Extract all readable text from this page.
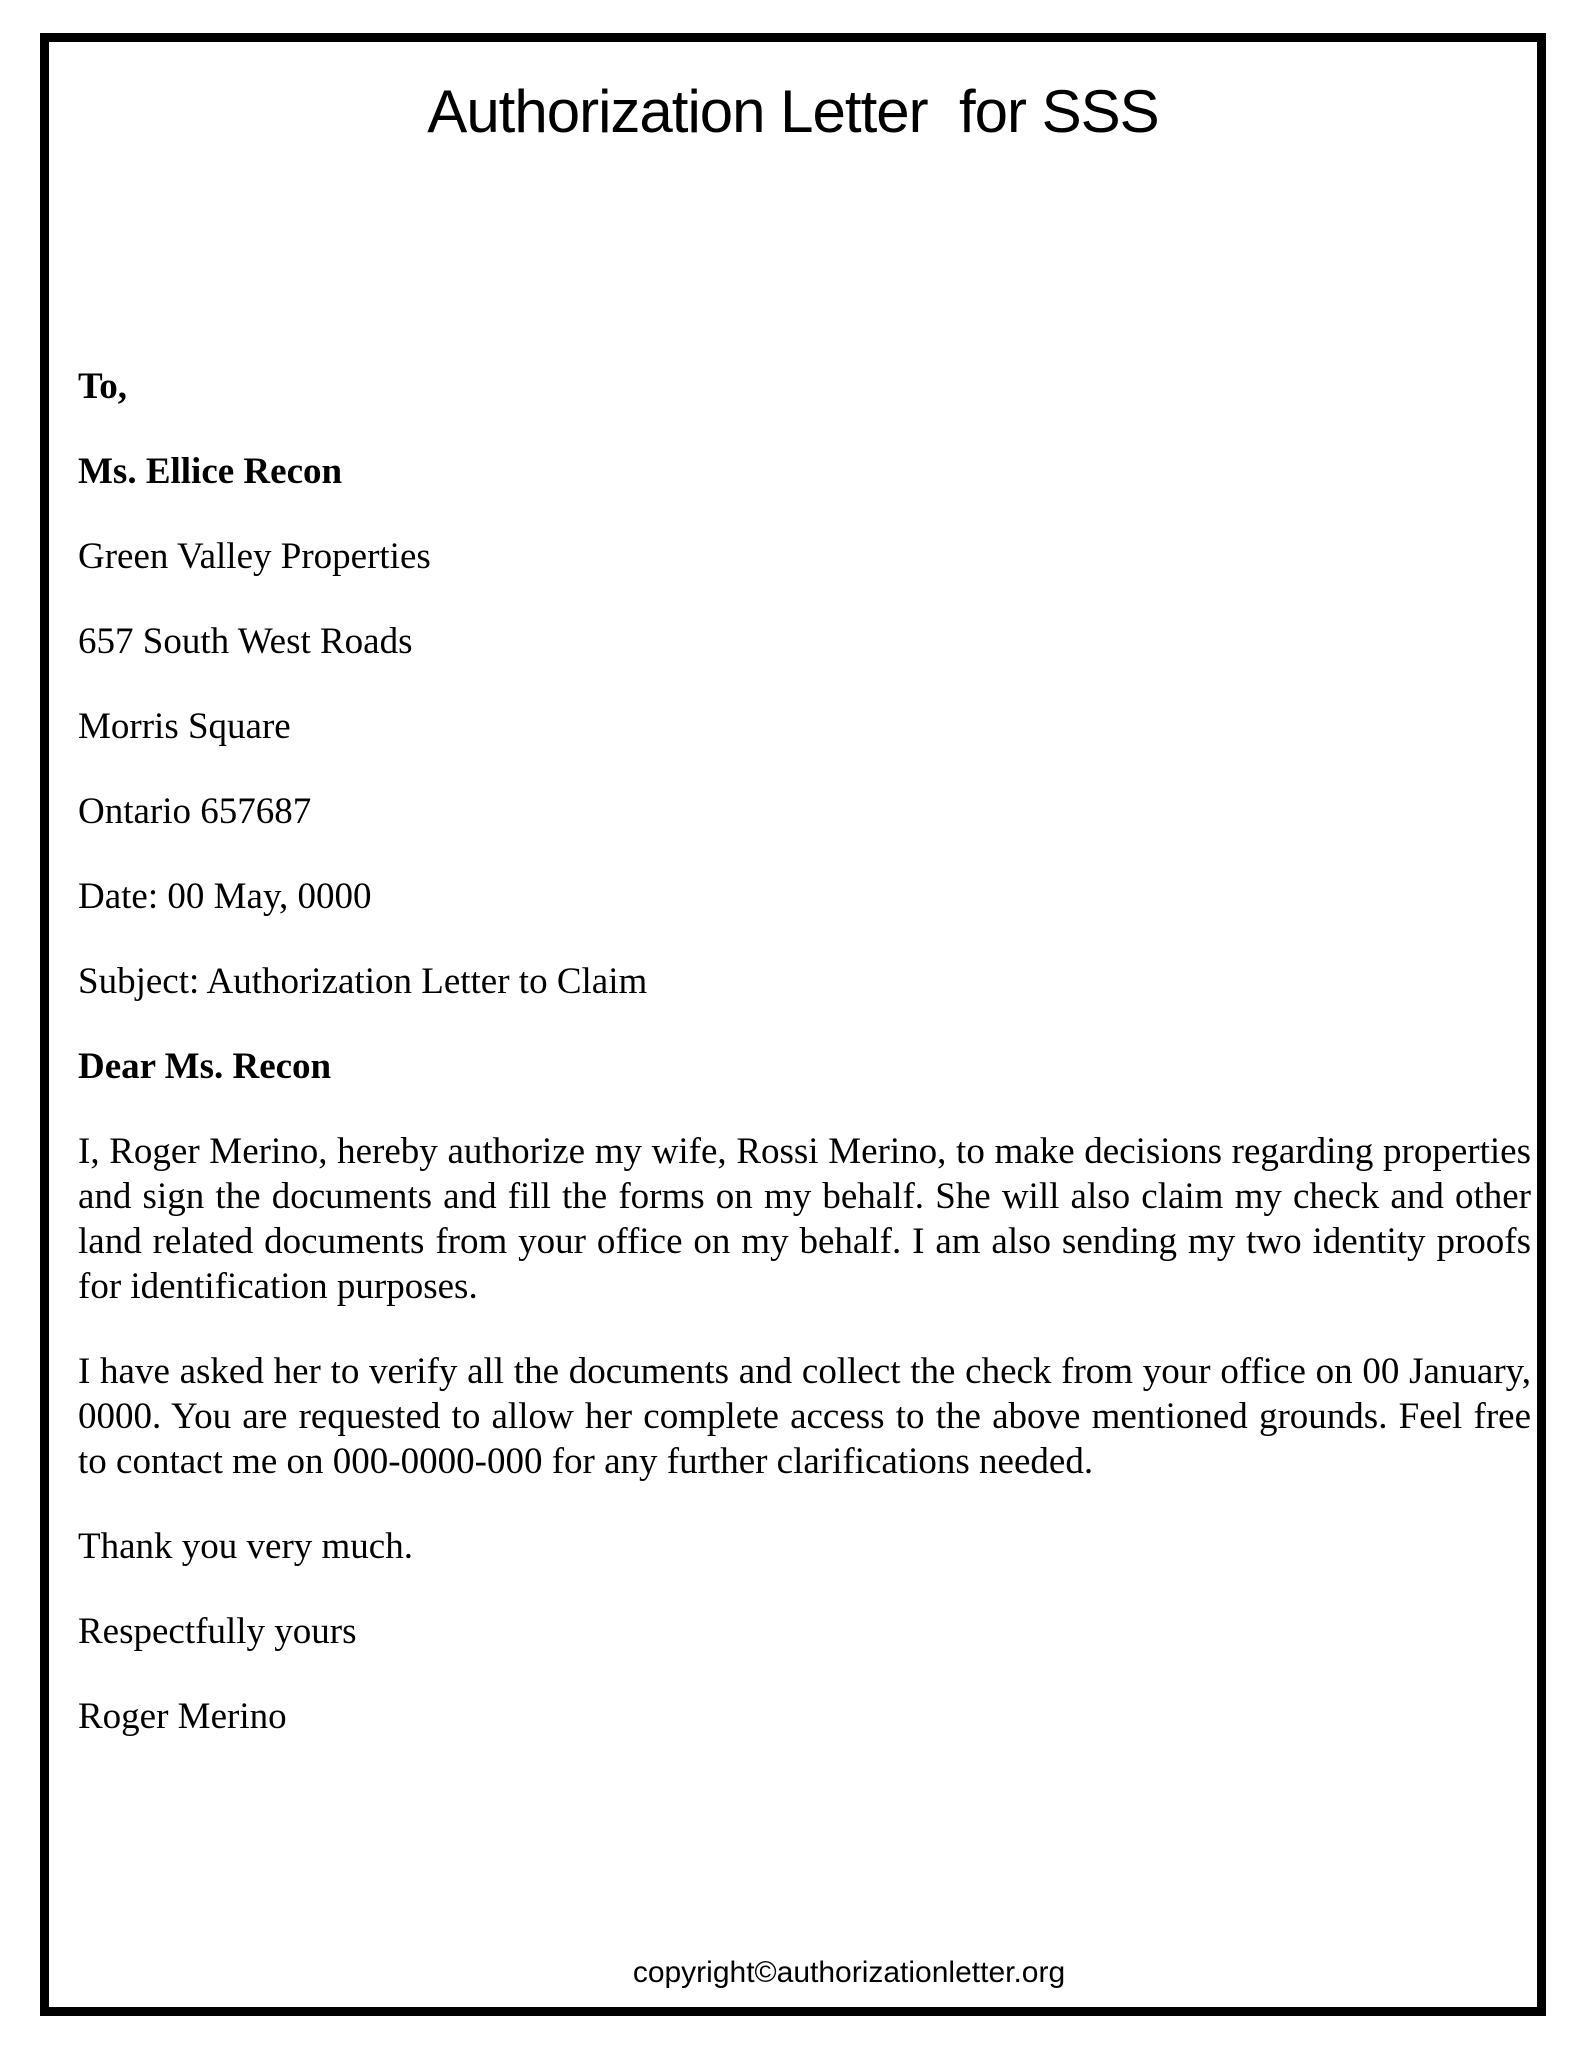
Authorization Letter  for SSS

To,

Ms. Ellice Recon

Green Valley Properties

657 South West Roads

Morris Square

Ontario 657687

Date: 00 May, 0000

Subject: Authorization Letter to Claim

Dear Ms. Recon

I, Roger Merino, hereby authorize my wife, Rossi Merino, to make decisions regarding properties and sign the documents and fill the forms on my behalf. She will also claim my check and other land related documents from your office on my behalf. I am also sending my two identity proofs for identification purposes.

I have asked her to verify all the documents and collect the check from your office on 00 January, 0000. You are requested to allow her complete access to the above mentioned grounds. Feel free to contact me on 000-0000-000 for any further clarifications needed.

Thank you very much.

Respectfully yours

Roger Merino

copyright©authorizationletter.org
